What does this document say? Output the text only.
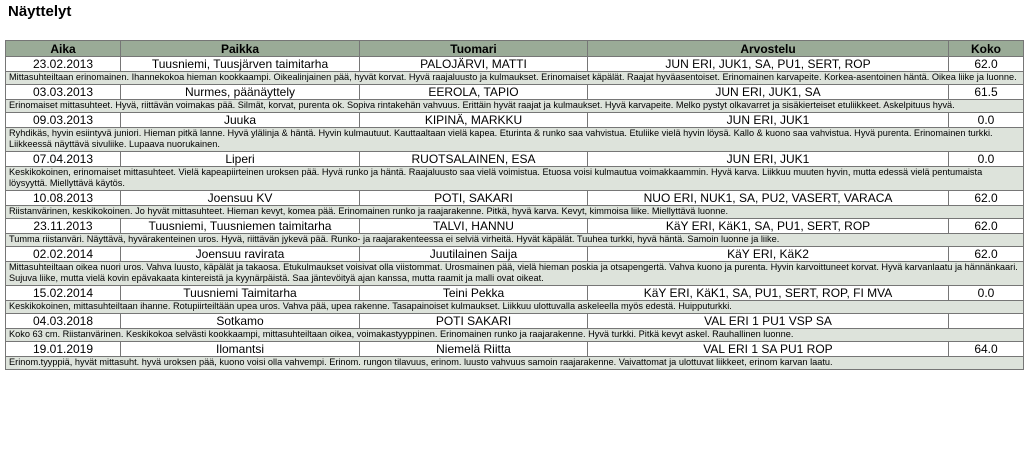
Näyttelyt
Aika	Paikka	Tuomari	Arvostelu	Koko
23.02.2013	Tuusniemi, Tuusjärven taimitarha	PALOJÄRVI, MATTI	JUN ERI, JUK1, SA, PU1, SERT, ROP	62.0
Mittasuhteiltaan erinomainen. Ihannekokoa hieman kookkaampi. Oikealinjainen pää, hyvät korvat. Hyvä raajaluusto ja kulmaukset. Erinomaiset käpälät. Raajat hyväasentoiset. Erinomainen karvapeite. Korkea-asentoinen häntä. Oikea liike ja luonne.				
03.03.2013	Nurmes, päänäyttely	EEROLA, TAPIO	JUN ERI, JUK1, SA	61.5
Erinomaiset mittasuhteet. Hyvä, riittävän voimakas pää. Silmät, korvat, purenta ok. Sopiva rintakehän vahvuus. Erittäin hyvät raajat ja kulmaukset. Hyvä karvapeite. Melko pystyt olkavarret ja sisäkierteiset etuliikkeet. Askelpituus hyvä.				
09.03.2013	Juuka	KIPINÄ, MARKKU	JUN ERI, JUK1	0.0
Ryhdikäs, hyvin esiintyvä juniori. Hieman pitkä lanne. Hyvä ylälinja & häntä. Hyvin kulmautuut. Kauttaaltaan vielä kapea. Eturinta & runko saa vahvistua. Etuliike vielä hyvin löysä. Kallo & kuono saa vahvistua. Hyvä purenta. Erinomainen turkki. Liikkeessä näyttävä sivuliike. Lupaava nuorukainen.				
07.04.2013	Liperi	RUOTSALAINEN, ESA	JUN ERI, JUK1	0.0
Keskikokoinen, erinomaiset mittasuhteet. Vielä kapeapiirteinen uroksen pää. Hyvä runko ja häntä. Raajaluusto saa vielä voimistua. Etuosa voisi kulmautua voimakkaammin. Hyvä karva. Liikkuu muuten hyvin, mutta edessä vielä pentumaista löysyyttä. Miellyttävä käytös.				
10.08.2013	Joensuu KV	POTI, SAKARI	NUO ERI, NUK1, SA, PU2, VASERT, VARACA	62.0
Riistanvärinen, keskikokoinen. Jo hyvät mittasuhteet. Hieman kevyt, komea pää. Erinomainen runko ja raajarakenne. Pitkä, hyvä karva. Kevyt, kimmoisa liike. Miellyttävä luonne.				
23.11.2013	Tuusniemi, Tuusniemen taimitarha	TALVI, HANNU	KäY ERI, KäK1, SA, PU1, SERT, ROP	62.0
Tumma riistanväri. Näyttävä, hyvärakenteinen uros. Hyvä, riittävän jykevä pää. Runko- ja raajarakenteessa ei selviä virheitä. Hyvät käpälät. Tuuhea turkki, hyvä häntä. Samoin luonne ja liike.				
02.02.2014	Joensuu ravirata	Juutilainen Saija	KäY ERI, KäK2	62.0
Mittasuhteiltaan oikea nuori uros. Vahva luusto, käpälät ja takaosa. Etukulmaukset voisivat olla viistommat. Urosmainen pää, vielä hieman poskia ja otsapengertä. Vahva kuono ja purenta. Hyvin karvoittuneet korvat. Hyvä karvanlaatu ja hännänkaari. Sujuva liike, mutta vielä kovin epävakaata kintereistä ja kyynärpäistä. Saa jäntevöityä ajan kanssa, mutta raamit ja malli ovat oikeat.				
15.02.2014	Tuusniemi Taimitarha	Teini Pekka	KäY ERI, KäK1, SA, PU1, SERT, ROP, FI MVA	0.0
Keskikokoinen, mittasuhteiltaan ihanne. Rotupiirteiltään upea uros. Vahva pää, upea rakenne. Tasapainoiset kulmaukset. Liikkuu ulottuvalla askeleella myös edestä. Huipputurkki.				
04.03.2018	Sotkamo	POTI SAKARI	VAL ERI 1 PU1 VSP SA	
Koko 63 cm. Riistanvärinen. Keskikokoa selvästi kookkaampi, mittasuhteiltaan oikea, voimakastyyppinen. Erinomainen runko ja raajarakenne. Hyvä turkki. Pitkä kevyt askel. Rauhallinen luonne.				
19.01.2019	Ilomantsi	Niemelä Riitta	VAL ERI 1 SA PU1 ROP	64.0
Erinom.tyyppiä, hyvät mittasuht. hyvä uroksen pää, kuono voisi olla vahvempi. Erinom. rungon tilavuus, erinom. luusto vahvuus samoin raajarakenne. Vaivattomat ja ulottuvat liikkeet, erinom karvan laatu.				
